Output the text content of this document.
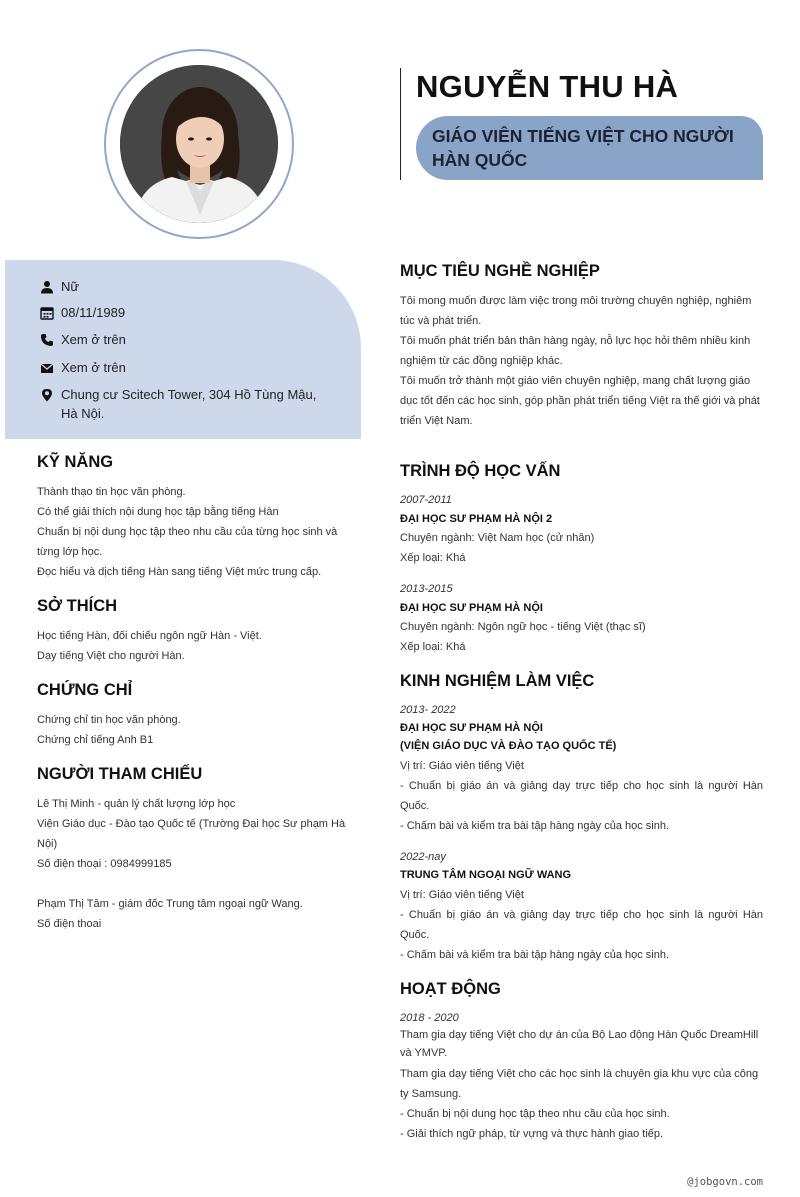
NGUYỄN THU HÀ
GIÁO VIÊN TIẾNG VIỆT CHO NGƯỜI HÀN QUỐC
Nữ
08/11/1989
Xem ở trên
Xem ở trên
Chung cư Scitech Tower, 304 Hồ Tùng Mậu, Hà Nội.
KỸ NĂNG
Thành thạo tin học văn phòng.
Có thể giải thích nội dung học tập bằng tiếng Hàn
Chuẩn bị nội dung học tập theo nhu cầu của từng học sinh và từng lớp học.
Đọc hiểu và dịch tiếng Hàn sang tiếng Việt mức trung cấp.
SỞ THÍCH
Học tiếng Hàn, đối chiếu ngôn ngữ Hàn - Việt.
Dạy tiếng Việt cho người Hàn.
CHỨNG CHỈ
Chứng chỉ tin học văn phòng.
Chứng chỉ tiếng Anh B1
NGƯỜI THAM CHIẾU
Lê Thị Minh - quản lý chất lượng lớp học
Viện Giáo dục - Đào tạo Quốc tế (Trường Đại học Sư phạm Hà Nội)
Số điện thoại : 0984999185
Phạm Thị Tâm - giám đốc Trung tâm ngoại ngữ Wang.
Số điện thoai
MỤC TIÊU NGHỀ NGHIỆP
Tôi mong muốn được làm việc trong môi trường chuyên nghiệp, nghiêm túc và phát triển.
Tôi muốn phát triển bản thân hàng ngày, nỗ lực học hỏi thêm nhiều kinh nghiệm từ các đồng nghiệp khác.
Tôi muốn trở thành một giáo viên chuyên nghiệp, mang chất lượng giáo dục tốt đến các học sinh, góp phần phát triển tiếng Việt ra thế giới và phát triển Việt Nam.
TRÌNH ĐỘ HỌC VẤN
2007-2011
ĐẠI HỌC SƯ PHẠM HÀ NỘI 2
Chuyên ngành: Việt Nam học (cử nhân)
Xếp loại: Khá
2013-2015
ĐẠI HỌC SƯ PHẠM HÀ NỘI
Chuyên ngành: Ngôn ngữ học - tiếng Việt (thạc sĩ)
Xếp loại: Khá
KINH NGHIỆM LÀM VIỆC
2013- 2022
ĐẠI HỌC SƯ PHẠM HÀ NỘI
(VIỆN GIÁO DỤC VÀ ĐÀO TẠO QUỐC TẾ)
Vị trí: Giáo viên tiếng Việt
- Chuẩn bị giáo án và giảng dạy trực tiếp cho học sinh là người Hàn Quốc.
- Chấm bài và kiểm tra bài tập hàng ngày của học sinh.
2022-nay
TRUNG TÂM NGOẠI NGỮ WANG
Vị trí: Giáo viên tiếng Việt
- Chuẩn bị giáo án và giảng dạy trực tiếp cho học sinh là người Hàn Quốc.
- Chấm bài và kiểm tra bài tập hàng ngày của học sinh.
HOẠT ĐỘNG
2018 - 2020
Tham gia dạy tiếng Việt cho dự án của Bộ Lao động Hàn Quốc DreamHill và YMVP.
Tham gia dạy tiếng Việt cho các học sinh là chuyên gia khu vực của công ty Samsung.
- Chuẩn bị nội dung học tập theo nhu cầu của học sinh.
- Giải thích ngữ pháp, từ vựng và thực hành giao tiếp.
@jobgovn.com
